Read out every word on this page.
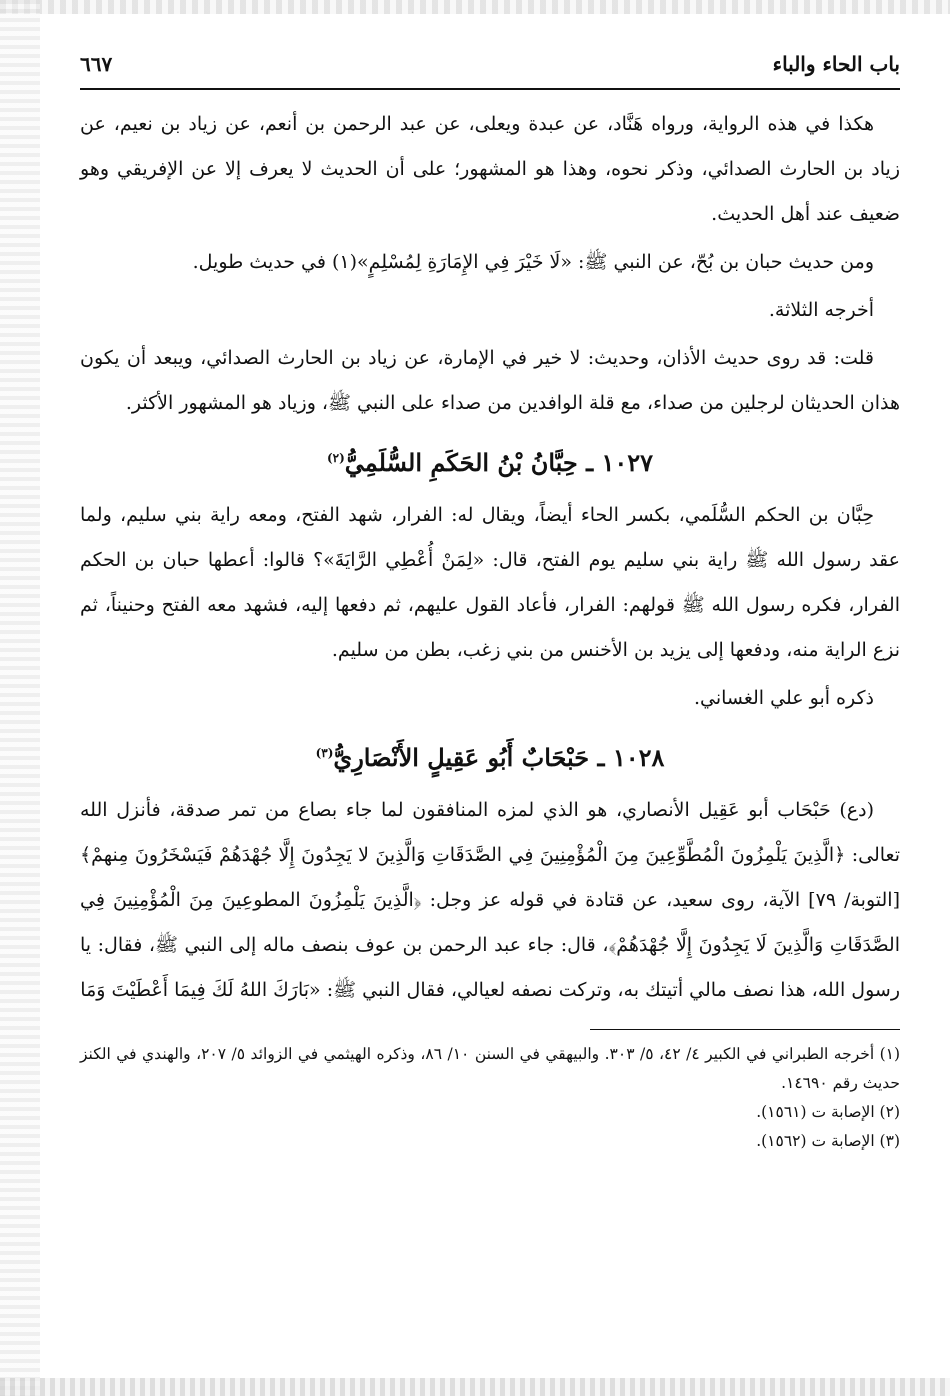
باب الحاء والباء
٦٦٧

هكذا في هذه الرواية، ورواه هَنَّاد، عن عبدة ويعلى، عن عبد الرحمن بن أنعم، عن زياد بن نعيم، عن زياد بن الحارث الصدائي، وذكر نحوه، وهذا هو المشهور؛ على أن الحديث لا يعرف إلا عن الإفريقي وهو ضعيف عند أهل الحديث.

ومن حديث حبان بن بُحّ، عن النبي ﷺ: «لَا خَيْرَ فِي الإِمَارَةِ لِمُسْلِمٍ»(١) في حديث طويل.

أخرجه الثلاثة.

قلت: قد روى حديث الأذان، وحديث: لا خير في الإمارة، عن زياد بن الحارث الصدائي، ويبعد أن يكون هذان الحديثان لرجلين من صداء، مع قلة الوافدين من صداء على النبي ﷺ، وزياد هو المشهور الأكثر.

١٠٢٧ ـ حِبَّانُ بْنُ الحَكَمِ السُّلَمِيُّ$^{(٢)}$

حِبَّان بن الحكم السُّلَمي، بكسر الحاء أيضاً، ويقال له: الفرار، شهد الفتح، ومعه راية بني سليم، ولما عقد رسول الله ﷺ راية بني سليم يوم الفتح، قال: «لِمَنْ أُعْطِي الرَّايَةَ»؟ قالوا: أعطها حبان بن الحكم الفرار، فكره رسول الله ﷺ قولهم: الفرار، فأعاد القول عليهم، ثم دفعها إليه، فشهد معه الفتح وحنيناً، ثم نزع الراية منه، ودفعها إلى يزيد بن الأخنس من بني زغب، بطن من سليم.

ذكره أبو علي الغساني.

١٠٢٨ ـ حَبْحَابٌ أَبُو عَقِيلٍ الأَنْصَارِيُّ$^{(٣)}$

(دع) حَبْحَاب أبو عَقِيل الأنصاري، هو الذي لمزه المنافقون لما جاء بصاع من تمر صدقة، فأنزل الله تعالى: ﴿الَّذِينَ يَلْمِزُونَ الْمُطَّوِّعِينَ مِنَ الْمُؤْمِنِينَ فِي الصَّدَقَاتِ وَالَّذِينَ لا يَجِدُونَ إِلَّا جُهْدَهُمْ فَيَسْخَرُونَ مِنهمْ﴾ [التوبة/ ٧٩] الآية، روى سعيد، عن قتادة في قوله عز وجل: ﴿الَّذِينَ يَلْمِزُونَ المطوعِينَ مِنَ الْمُؤْمِنِينَ فِي الصَّدَقَاتِ وَالَّذِينَ لَا يَجِدُونَ إِلَّا جُهْدَهُمْ﴾، قال: جاء عبد الرحمن بن عوف بنصف ماله إلى النبي ﷺ، فقال: يا رسول الله، هذا نصف مالي أتيتك به، وتركت نصفه لعيالي، فقال النبي ﷺ: «بَارَكَ اللهُ لَكَ فِيمَا أَعْطَيْتَ وَمَا

(١) أخرجه الطبراني في الكبير ٤/ ٤٢، ٥/ ٣٠٣. والبيهقي في السنن ١٠/ ٨٦، وذكره الهيثمي في الزوائد ٥/ ٢٠٧، والهندي في الكنز حديث رقم ١٤٦٩٠.

(٢) الإصابة ت (١٥٦١).

(٣) الإصابة ت (١٥٦٢).
